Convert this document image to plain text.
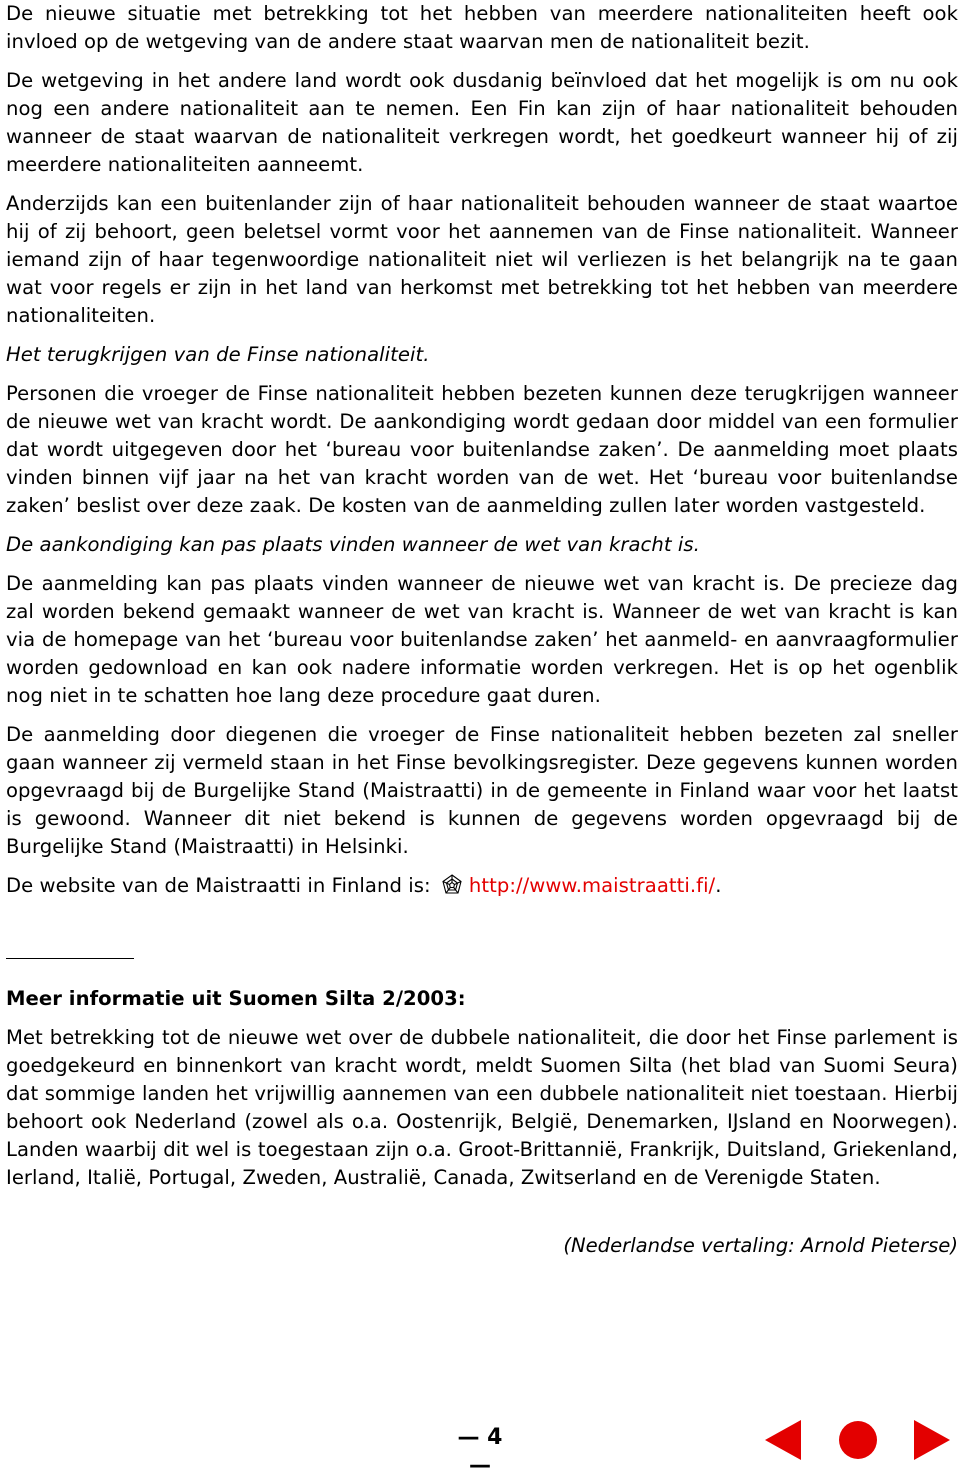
De nieuwe situatie met betrekking tot het hebben van meerdere nationaliteiten heeft ook invloed op de wetgeving van de andere staat waarvan men de nationaliteit bezit.

De wetgeving in het andere land wordt ook dusdanig beïnvloed dat het mogelijk is om nu ook nog een andere nationaliteit aan te nemen. Een Fin kan zijn of haar nationaliteit behouden wanneer de staat waarvan de nationaliteit verkregen wordt, het goedkeurt wanneer hij of zij meerdere nationaliteiten aanneemt.

Anderzijds kan een buitenlander zijn of haar nationaliteit behouden wanneer de staat waartoe hij of zij behoort, geen beletsel vormt voor het aannemen van de Finse nationaliteit. Wanneer iemand zijn of haar tegenwoordige nationaliteit niet wil verliezen is het belangrijk na te gaan wat voor regels er zijn in het land van herkomst met betrekking tot het hebben van meerdere nationaliteiten.

Het terugkrijgen van de Finse nationaliteit.

Personen die vroeger de Finse nationaliteit hebben bezeten kunnen deze terugkrijgen wanneer de nieuwe wet van kracht wordt. De aankondiging wordt gedaan door middel van een formulier dat wordt uitgegeven door het ‘bureau voor buitenlandse zaken’. De aanmelding moet plaats vinden binnen vijf jaar na het van kracht worden van de wet. Het ‘bureau voor buitenlandse zaken’ beslist over deze zaak. De kosten van de aanmelding zullen later worden vastgesteld.

De aankondiging kan pas plaats vinden wanneer de wet van kracht is.

De aanmelding kan pas plaats vinden wanneer de nieuwe wet van kracht is. De precieze dag zal worden bekend gemaakt wanneer de wet van kracht is. Wanneer de wet van kracht is kan via de homepage van het ‘bureau voor buitenlandse zaken’ het aanmeld- en aanvraagformulier worden gedownload en kan ook nadere informatie worden verkregen. Het is op het ogenblik nog niet in te schatten hoe lang deze procedure gaat duren.

De aanmelding door diegenen die vroeger de Finse nationaliteit hebben bezeten zal sneller gaan wanneer zij vermeld staan in het Finse bevolkingsregister. Deze gegevens kunnen worden opgevraagd bij de Burgelijke Stand (Maistraatti) in de gemeente in Finland waar voor het laatst is gewoond. Wanneer dit niet bekend is kunnen de gegevens worden opgevraagd bij de Burgelijke Stand (Maistraatti) in Helsinki.

De website van de Maistraatti in Finland is: http://www.maistraatti.fi/.

Meer informatie uit Suomen Silta 2/2003:

Met betrekking tot de nieuwe wet over de dubbele nationaliteit, die door het Finse parlement is goedgekeurd en binnenkort van kracht wordt, meldt Suomen Silta (het blad van Suomi Seura) dat sommige landen het vrijwillig aannemen van een dubbele nationaliteit niet toestaan. Hierbij behoort ook Nederland (zowel als o.a. Oostenrijk, België, Denemarken, IJsland en Noorwegen). Landen waarbij dit wel is toegestaan zijn o.a. Groot-Brittannië, Frankrijk, Duitsland, Griekenland, Ierland, Italië, Portugal, Zweden, Australië, Canada, Zwitserland en de Verenigde Staten.

(Nederlandse vertaling: Arnold Pieterse)
— 4 —
